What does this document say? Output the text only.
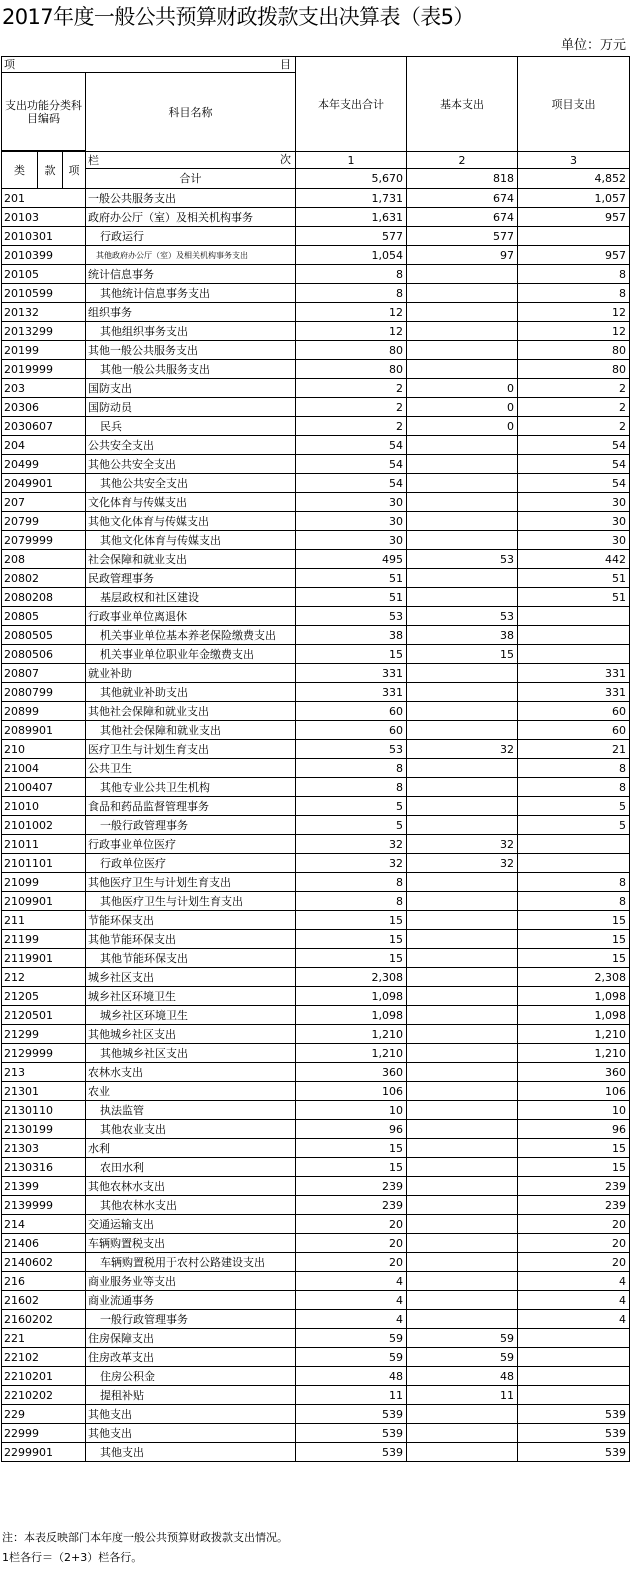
2017年度一般公共预算财政拨款支出决算表（表5）
单位：万元
项 目				本年支出合计	基本支出	项目支出
支出功能分类科目编码			科目名称			

类	款	项	栏 次	1	2	3
			合计	5,670	818	4,852
201			一般公共服务支出	1,731	674	1,057
20103			政府办公厅（室）及相关机构事务	1,631	674	957
2010301			行政运行	577	577	
2010399			其他政府办公厅（室）及相关机构事务支出	1,054	97	957
20105			统计信息事务	8		8
2010599			其他统计信息事务支出	8		8
20132			组织事务	12		12
2013299			其他组织事务支出	12		12
20199			其他一般公共服务支出	80		80
2019999			其他一般公共服务支出	80		80
203			国防支出	2	0	2
20306			国防动员	2	0	2
2030607			民兵	2	0	2
204			公共安全支出	54		54
20499			其他公共安全支出	54		54
2049901			其他公共安全支出	54		54
207			文化体育与传媒支出	30		30
20799			其他文化体育与传媒支出	30		30
2079999			其他文化体育与传媒支出	30		30
208			社会保障和就业支出	495	53	442
20802			民政管理事务	51		51
2080208			基层政权和社区建设	51		51
20805			行政事业单位离退休	53	53	
2080505			机关事业单位基本养老保险缴费支出	38	38	
2080506			机关事业单位职业年金缴费支出	15	15	
20807			就业补助	331		331
2080799			其他就业补助支出	331		331
20899			其他社会保障和就业支出	60		60
2089901			其他社会保障和就业支出	60		60
210			医疗卫生与计划生育支出	53	32	21
21004			公共卫生	8		8
2100407			其他专业公共卫生机构	8		8
21010			食品和药品监督管理事务	5		5
2101002			一般行政管理事务	5		5
21011			行政事业单位医疗	32	32	
2101101			行政单位医疗	32	32	
21099			其他医疗卫生与计划生育支出	8		8
2109901			其他医疗卫生与计划生育支出	8		8
211			节能环保支出	15		15
21199			其他节能环保支出	15		15
2119901			其他节能环保支出	15		15
212			城乡社区支出	2,308		2,308
21205			城乡社区环境卫生	1,098		1,098
2120501			城乡社区环境卫生	1,098		1,098
21299			其他城乡社区支出	1,210		1,210
2129999			其他城乡社区支出	1,210		1,210
213			农林水支出	360		360
21301			农业	106		106
2130110			执法监管	10		10
2130199			其他农业支出	96		96
21303			水利	15		15
2130316			农田水利	15		15
21399			其他农林水支出	239		239
2139999			其他农林水支出	239		239
214			交通运输支出	20		20
21406			车辆购置税支出	20		20
2140602			车辆购置税用于农村公路建设支出	20		20
216			商业服务业等支出	4		4
21602			商业流通事务	4		4
2160202			一般行政管理事务	4		4
221			住房保障支出	59	59	
22102			住房改革支出	59	59	
2210201			住房公积金	48	48	
2210202			提租补贴	11	11	
229			其他支出	539		539
22999			其他支出	539		539
2299901			其他支出	539		539
注：本表反映部门本年度一般公共预算财政拨款支出情况。
1栏各行＝（2+3）栏各行。
